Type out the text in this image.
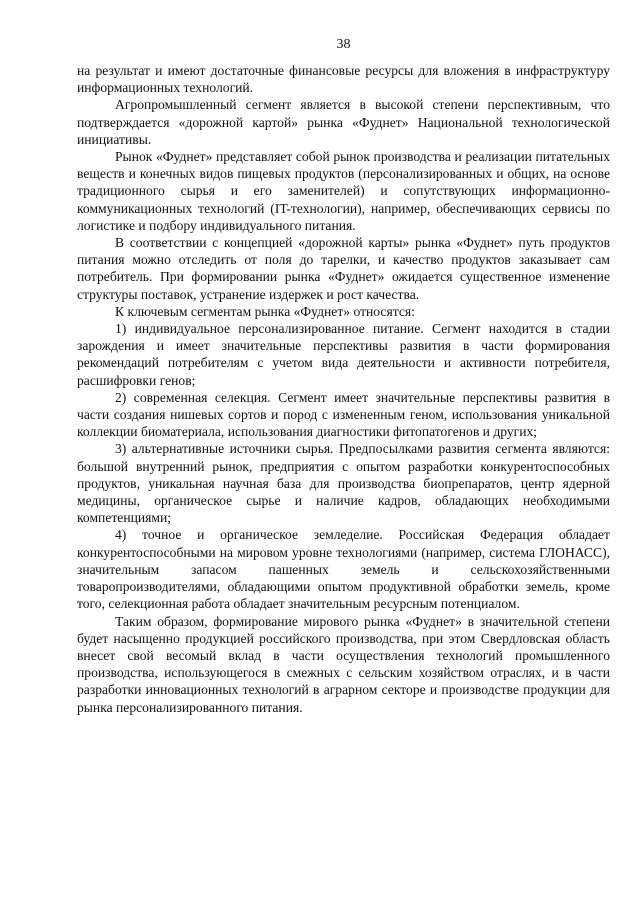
38

на результат и имеют достаточные финансовые ресурсы для вложения в инфраструктуру информационных технологий.

Агропромышленный сегмент является в высокой степени перспективным, что подтверждается «дорожной картой» рынка «Фуднет» Национальной технологической инициативы.

Рынок «Фуднет» представляет собой рынок производства и реализации питательных веществ и конечных видов пищевых продуктов (персонализированных и общих, на основе традиционного сырья и его заменителей) и сопутствующих информационно-коммуникационных технологий (IT-технологии), например, обеспечивающих сервисы по логистике и подбору индивидуального питания.

В соответствии с концепцией «дорожной карты» рынка «Фуднет» путь продуктов питания можно отследить от поля до тарелки, и качество продуктов заказывает сам потребитель. При формировании рынка «Фуднет» ожидается существенное изменение структуры поставок, устранение издержек и рост качества.

К ключевым сегментам рынка «Фуднет» относятся:

1) индивидуальное персонализированное питание. Сегмент находится в стадии зарождения и имеет значительные перспективы развития в части формирования рекомендаций потребителям с учетом вида деятельности и активности потребителя, расшифровки генов;

2) современная селекция. Сегмент имеет значительные перспективы развития в части создания нишевых сортов и пород с измененным геном, использования уникальной коллекции биоматериала, использования диагностики фитопатогенов и других;

3) альтернативные источники сырья. Предпосылками развития сегмента являются: большой внутренний рынок, предприятия с опытом разработки конкурентоспособных продуктов, уникальная научная база для производства биопрепаратов, центр ядерной медицины, органическое сырье и наличие кадров, обладающих необходимыми компетенциями;

4) точное и органическое земледелие. Российская Федерация обладает конкурентоспособными на мировом уровне технологиями (например, система ГЛОНАСС), значительным запасом пашенных земель и сельскохозяйственными товаропроизводителями, обладающими опытом продуктивной обработки земель, кроме того, селекционная работа обладает значительным ресурсным потенциалом.

Таким образом, формирование мирового рынка «Фуднет» в значительной степени будет насыщенно продукцией российского производства, при этом Свердловская область внесет свой весомый вклад в части осуществления технологий промышленного производства, использующегося в смежных с сельским хозяйством отраслях, и в части разработки инновационных технологий в аграрном секторе и производстве продукции для рынка персонализированного питания.
